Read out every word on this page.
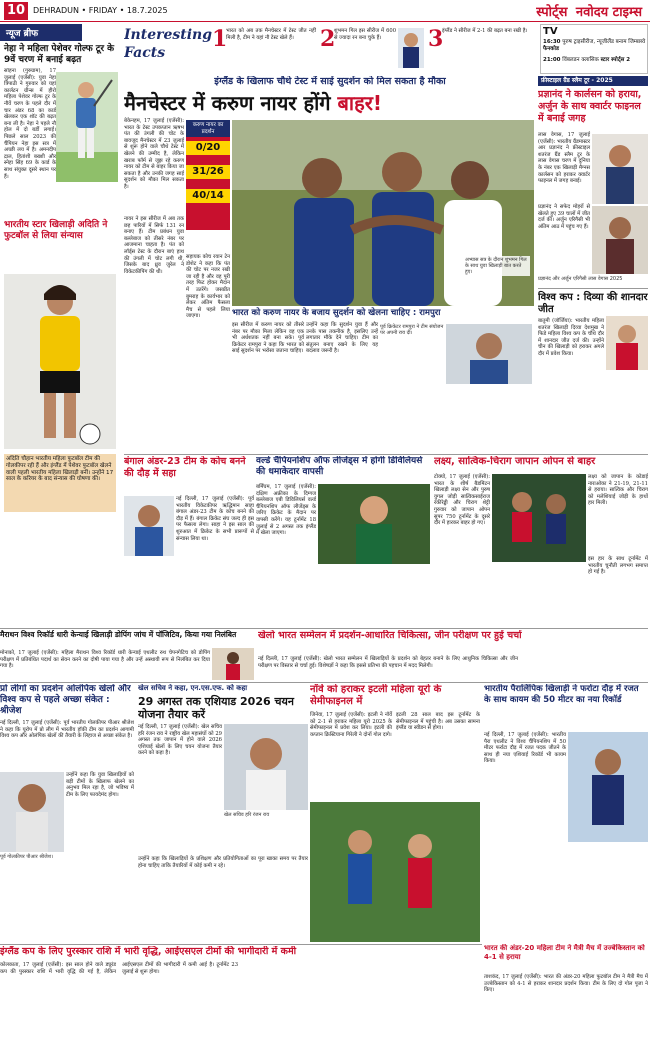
10 DEHRADUN • FRIDAY • 18.7.2025	स्पोर्ट्स नवोदय टाइम्स
न्यूज ब्रीफ
नेहा ने महिला पेशेवर गोल्फ टूर के 9वें चरण में बनाई बढ़त
सोहना (गुरुग्राम), 17 जुलाई (एजेंसी): युवा नेहा त्रिपाठी ने गुरुवार को यहां कार्लटन ग्रीन्स में हीरो महिला पेशेवर गोल्फ टूर के नौवें चरण के पहले दौर में चार अंडर 68 का कार्ड खेलकर एक शॉट की बढ़त बना ली है। नेहा ने पहले नौ होल में दो बर्डी लगाईं। पिछले साल 2023 की चैंपियन नेहा इस सत्र में अच्छी लय में है। अमनदीप द्राल, हितांशी बख्शी और स्नेहा सिंह 69 के कार्ड के साथ संयुक्त दूसरे स्थान पर हैं।
भारतीय स्टार खिलाड़ी अदिति ने फुटबॉल से लिया संन्यास
अदिति चौहान भारतीय महिला फुटबॉल टीम की गोलकीपर रही हैं और इंग्लैंड में पेशेवर फुटबॉल खेलने वाली पहली भारतीय महिला खिलाड़ी बनीं। उन्होंने 17 साल के करियर के बाद संन्यास की घोषणा की।
Interesting Facts
1
भारत को अब तक मैनचेस्टर में टेस्ट जीत नहीं मिली है, टीम ने यहां नौ टेस्ट खेले हैं।	2
शुभमन गिल इस सीरीज में 600 से ज्यादा रन बना चुके हैं।	3
इंग्लैंड ने सीरीज में 2-1 की बढ़त बना रखी है।	TV
16:30 पुरुष ट्राइसीरीज, न्यूजीलैंड बनाम जिम्बाब्वे फैनकोड
21:00 विंबलडन क्लासिक स्टार स्पोर्ट्स 2
इंग्लैंड के खिलाफ चौथे टेस्ट में साई सुदर्शन को मिल सकता है मौका
मैनचेस्टर में करुण नायर होंगे बाहर!
बेकेनहम, 17 जुलाई (एजेंसी): भारत के टेस्ट उपकप्तान ऋषभ पंत की उंगली की चोट के बावजूद मैनचेस्टर में 23 जुलाई से शुरू होने वाले चौथे टेस्ट में खेलने की उम्मीद है, लेकिन खराब फॉर्म से जूझ रहे करुण नायर को टीम से बाहर किया जा सकता है और उनकी जगह साई सुदर्शन को मौका मिल सकता है।
नायर ने इस सीरीज में अब तक छह पारियों में सिर्फ 131 रन बनाए हैं। टीम प्रबंधन युवा बल्लेबाज को तीसरे नंबर पर आजमाना चाहता है। पंत को लॉर्ड्स टेस्ट के दौरान बाएं हाथ की उंगली में चोट लगी थी, जिसके बाद ध्रुव जुरेल ने विकेटकीपिंग की थी।
सहायक कोच रयान टेन डोशेट ने कहा कि पंत की चोट पर नजर रखी जा रही है और वह पूरी तरह फिट होकर मैदान में उतरेंगे। जसप्रीत बुमराह के कार्यभार को लेकर अंतिम फैसला मैच से पहले लिया जाएगा।
करुण नायर का प्रदर्शन
0/20
31/26
40/14
अभ्यास सत्र के दौरान शुभमन गिल के साथ युवा खिलाड़ी बात करते हुए।
भारत को करुण नायर के बजाय सुदर्शन को खेलना चाहिए : रामपुरा
इस सीरीज में करुण नायर को तीसरे नंबर पर मौका मिला लेकिन वह एक भी अर्धशतक नहीं बना सके। पूर्व क्रिकेटर रामपुरा ने कहा कि भारत को साई सुदर्शन पर भरोसा जताना चाहिए।
उन्होंने कहा कि सुदर्शन युवा हैं और उनके पास तकनीक है, इसलिए उन्हें लगातार मौके देने चाहिए। टीम का संतुलन बनाए रखने के लिए यह बदलाव जरूरी है।
पूर्व क्रिकेटर रामपुरा ने टीम संयोजन पर अपनी राय दी।
फ्रीस्टाइल ग्रैंड स्लैम टूर - 2025
प्रज्ञानंद ने कार्लसन को हराया, अर्जुन के साथ क्वार्टर फाइनल में बनाई जगह
लास वेगास, 17 जुलाई (एजेंसी): भारतीय ग्रैंडमास्टर आर प्रज्ञानंद ने फ्रीस्टाइल शतरंज ग्रैंड स्लैम टूर के लास वेगास चरण में दुनिया के नंबर एक खिलाड़ी मैग्नस कार्लसन को हराकर क्वार्टर फाइनल में जगह बनाई।
प्रज्ञानंद ने सफेद मोहरों से खेलते हुए 39 चालों में जीत दर्ज की। अर्जुन एरिगैसी भी अंतिम आठ में पहुंच गए हैं।
प्रज्ञानंद और अर्जुन एरिगैसी लास वेगास 2025
विश्व कप : दिव्या की शानदार जीत
बातुमी (जॉर्जिया): भारतीय महिला शतरंज खिलाड़ी दिव्या देशमुख ने फिडे महिला विश्व कप के चौथे दौर में शानदार जीत दर्ज की। उन्होंने चीन की खिलाड़ी को हराकर अगले दौर में प्रवेश किया।
बंगाल अंडर-23 टीम के कोच बनने की दौड़ में सहा
नई दिल्ली, 17 जुलाई (एजेंसी): पूर्व भारतीय विकेटकीपर ऋद्धिमान साहा बंगाल अंडर-23 टीम के कोच बनने की दौड़ में हैं। बंगाल क्रिकेट संघ जल्द ही इस पर फैसला लेगा। साहा ने इस साल की शुरुआत में क्रिकेट के सभी प्रारूपों से संन्यास लिया था।
वर्ल्ड चैंपियनशिप ऑफ लीजेंड्स में होगी डिविलियर्स की धमाकेदार वापसी
बर्मिंघम, 17 जुलाई (एजेंसी): दक्षिण अफ्रीका के दिग्गज बल्लेबाज एबी डिविलियर्स वर्ल्ड चैंपियनशिप ऑफ लीजेंड्स के जरिए क्रिकेट के मैदान पर वापसी करेंगे। यह टूर्नामेंट 18 जुलाई से 2 अगस्त तक इंग्लैंड में खेला जाएगा।
लक्ष्य, सात्विक-चिराग जापान ओपन से बाहर
टोक्यो, 17 जुलाई (एजेंसी): भारत के शीर्ष बैडमिंटन खिलाड़ी लक्ष्य सेन और पुरुष युगल जोड़ी सात्विकसाईराज रंकीरेड्डी और चिराग शेट्टी गुरुवार को जापान ओपन सुपर 750 टूर्नामेंट के दूसरे दौर में हारकर बाहर हो गए।
लक्ष्य को जापान के कोडाई नाराओका ने 21-19, 21-11 से हराया। सात्विक और चिराग को मलेशियाई जोड़ी के हाथों हार मिली।
इस हार के साथ टूर्नामेंट में भारतीय चुनौती लगभग समाप्त हो गई है।
मैराथन विश्व रिकॉर्ड धारी केन्याई खिलाड़ी डोपिंग जांच में पॉजिटिव, किया गया निलंबित
मोनाको, 17 जुलाई (एजेंसी): महिला मैराथन विश्व रिकॉर्ड धारी केन्याई एथलीट रुथ चेपनगेटिच को डोपिंग परीक्षण में प्रतिबंधित पदार्थ का सेवन करने का दोषी पाया गया है और उन्हें अस्थायी रूप से निलंबित कर दिया गया है।
खेलो भारत सम्मेलन में प्रदर्शन-आधारित चिकित्सा, जीन परीक्षण पर हुई चर्चा
नई दिल्ली, 17 जुलाई (एजेंसी): खेलो भारत सम्मेलन में खिलाड़ियों के प्रदर्शन को बेहतर बनाने के लिए आधुनिक चिकित्सा और जीन परीक्षण पर विस्तार से चर्चा हुई। विशेषज्ञों ने कहा कि इससे प्रतिभा की पहचान में मदद मिलेगी।
प्रो लीगों का प्रदर्शन ओलंपिक खेलों और विश्व कप से पहले अच्छा संकेत : श्रीजेश
नई दिल्ली, 17 जुलाई (एजेंसी): पूर्व भारतीय गोलकीपर पीआर श्रीजेश ने कहा कि यूरोप में प्रो लीग में भारतीय हॉकी टीम का प्रदर्शन आगामी विश्व कप और ओलंपिक खेलों की तैयारी के लिहाज से अच्छा संकेत है।
पूर्व गोलकीपर पीआर श्रीजेश।
उन्होंने कहा कि युवा खिलाड़ियों को बड़ी टीमों के खिलाफ खेलने का अनुभव मिल रहा है, जो भविष्य में टीम के लिए फायदेमंद होगा।
खेल सचिव ने कहा, एन.एस.एफ. को कहा
29 अगस्त तक एशियाड 2026 चयन योजना तैयार करें
नई दिल्ली, 17 जुलाई (एजेंसी): खेल सचिव हरि रंजन राव ने राष्ट्रीय खेल महासंघों को 29 अगस्त तक जापान में होने वाले 2026 एशियाई खेलों के लिए चयन योजना तैयार करने को कहा है।
खेल सचिव हरि रंजन राव
उन्होंने कहा कि खिलाड़ियों के प्रशिक्षण और प्रतियोगिताओं का पूरा खाका समय पर तैयार होना चाहिए ताकि तैयारियों में कोई कमी न रहे।
नॉर्वे को हराकर इटली महिला यूरो के सेमीफाइनल में
जिनेवा, 17 जुलाई (एजेंसी): इटली ने नॉर्वे को 2-1 से हराकर महिला यूरो 2025 के सेमीफाइनल में प्रवेश कर लिया। इटली की कप्तान क्रिस्टियाना गिरेली ने दोनों गोल दागे।
इटली 28 साल बाद इस टूर्नामेंट के सेमीफाइनल में पहुंची है। अब उसका सामना इंग्लैंड या स्वीडन से होगा।
भारतीय पैरालिंपिक खिलाड़ी ने फर्राटा दौड़ में रजत के साथ कायम की 50 मीटर का नया रिकॉर्ड
नई दिल्ली, 17 जुलाई (एजेंसी): भारतीय पैरा एथलीट ने विश्व चैंपियनशिप में 50 मीटर फर्राटा दौड़ में रजत पदक जीतने के साथ ही नया एशियाई रिकॉर्ड भी कायम किया।
भारत की अंडर-20 महिला टीम ने मैत्री मैच में उज्बेकिस्तान को 4-1 से हराया
ताशकंद, 17 जुलाई (एजेंसी): भारत की अंडर-20 महिला फुटबॉल टीम ने मैत्री मैच में उज्बेकिस्तान को 4-1 से हराकर शानदार प्रदर्शन किया। टीम के लिए दो गोल पूजा ने किए।
इंग्लैंड कप के लिए पुरस्कार राशि में भारी वृद्धि, आईएसएल टीमों की भागीदारी में कमी
कोलकाता, 17 जुलाई (एजेंसी): इस साल होने वाले ड्यूरंड कप की पुरस्कार राशि में भारी वृद्धि की गई है, लेकिन आईएसएल टीमों की भागीदारी में कमी आई है। टूर्नामेंट 23 जुलाई से शुरू होगा।
